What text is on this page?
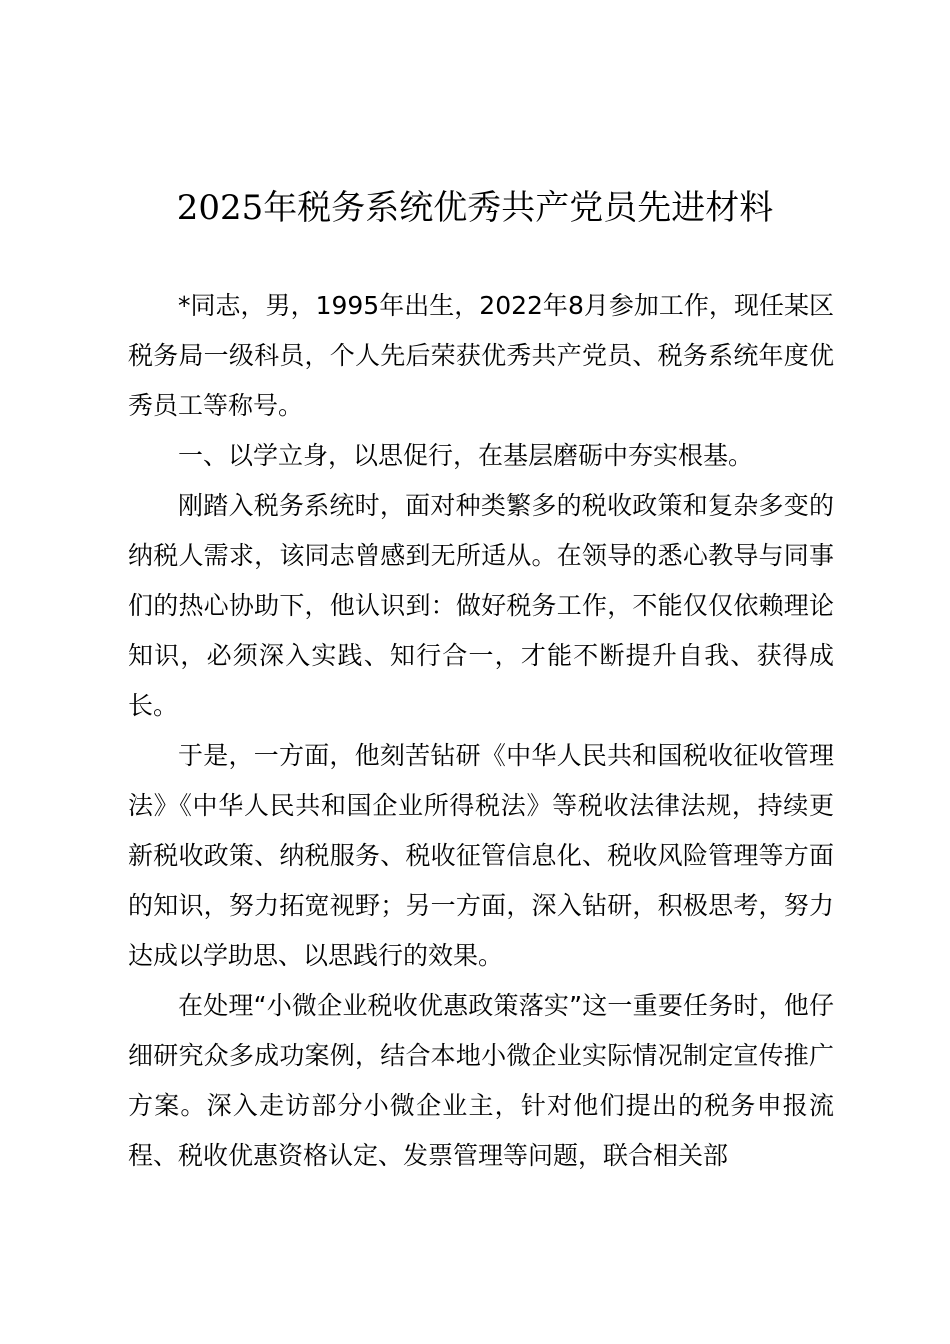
2025年税务系统优秀共产党员先进材料

*同志，男，1995年出生，2022年8月参加工作，现任某区税务局一级科员，个人先后荣获优秀共产党员、税务系统年度优秀员工等称号。

一、以学立身，以思促行，在基层磨砺中夯实根基。

刚踏入税务系统时，面对种类繁多的税收政策和复杂多变的纳税人需求，该同志曾感到无所适从。在领导的悉心教导与同事们的热心协助下，他认识到：做好税务工作，不能仅仅依赖理论知识，必须深入实践、知行合一，才能不断提升自我、获得成长。

于是，一方面，他刻苦钻研《中华人民共和国税收征收管理法》《中华人民共和国企业所得税法》等税收法律法规，持续更新税收政策、纳税服务、税收征管信息化、税收风险管理等方面的知识，努力拓宽视野；另一方面，深入钻研，积极思考，努力达成以学助思、以思践行的效果。

在处理“小微企业税收优惠政策落实”这一重要任务时，他仔细研究众多成功案例，结合本地小微企业实际情况制定宣传推广方案。深入走访部分小微企业主，针对他们提出的税务申报流程、税收优惠资格认定、发票管理等问题，联合相关部
